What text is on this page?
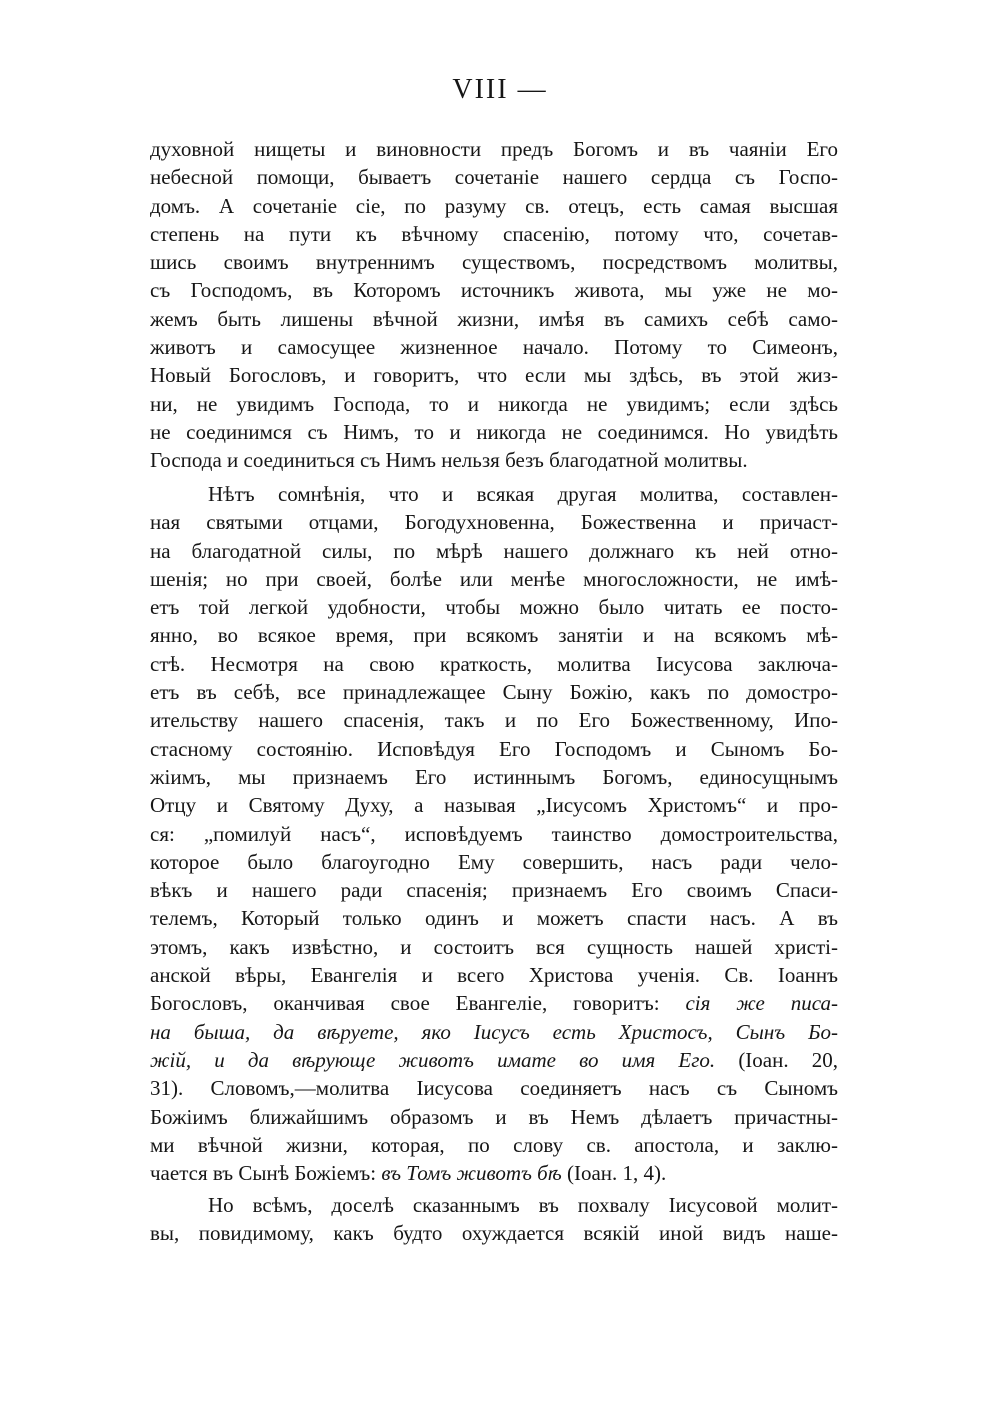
VIII —
духовной нищеты и виновности предъ Богомъ и въ чаянiи Его
небесной помощи, бываетъ сочетанiе нашего сердца съ Госпо-
домъ. А сочетанiе сiе, по разуму св. отецъ, есть самая высшая
степень на пути къ вѣчному спасенiю, потому что, сочетав-
шись своимъ внутреннимъ существомъ, посредствомъ молитвы,
съ Господомъ, въ Которомъ источникъ живота, мы уже не мо-
жемъ быть лишены вѣчной жизни, имѣя въ самихъ себѣ само-
животъ и самосущее жизненное начало. Потому то Симеонъ,
Новый Богословъ, и говоритъ, что если мы здѣсь, въ этой жиз-
ни, не увидимъ Господа, то и никогда не увидимъ; если здѣсь
не соединимся съ Нимъ, то и никогда не соединимся. Но увидѣть
Господа и соединиться съ Нимъ нельзя безъ благодатной молитвы.
Нѣтъ сомнѣнiя, что и всякая другая молитва, составлен-
ная святыми отцами, Богодухновенна, Божественна и причаст-
на благодатной силы, по мѣрѣ нашего должнаго къ ней отно-
шенiя; но при своей, болѣе или менѣе многосложности, не имѣ-
етъ той легкой удобности, чтобы можно было читать ее посто-
янно, во всякое время, при всякомъ занятiи и на всякомъ мѣ-
стѣ. Несмотря на свою краткость, молитва Iисусова заключа-
етъ въ себѣ, все принадлежащее Сыну Божiю, какъ по домостро-
ительству нашего спасенiя, такъ и по Его Божественному, Ипо-
стасному состоянiю. Исповѣдуя Его Господомъ и Сыномъ Бо-
жiимъ, мы признаемъ Его истиннымъ Богомъ, единосущнымъ
Отцу и Святому Духу, а называя „Iисусомъ Христомъ“ и про-
ся: „помилуй насъ“, исповѣдуемъ таинство домостроительства,
которое было благоугодно Ему совершить, насъ ради чело-
вѣкъ и нашего ради спасенiя; признаемъ Его своимъ Спаси-
телемъ, Который только одинъ и можетъ спасти насъ. А въ
этомъ, какъ извѣстно, и состоитъ вся сущность нашей христi-
анской вѣры, Евангелiя и всего Христова ученiя. Св. Iоаннъ
Богословъ, оканчивая свое Евангелiе, говоритъ: сiя же писа-
на быша, да вѣруете, яко Iисусъ есть Христосъ, Сынъ Бо-
жiй, и да вѣрующе животъ имате во имя Его. (Iоан. 20,
31). Словомъ,—молитва Iисусова соединяетъ насъ съ Сыномъ
Божiимъ ближайшимъ образомъ и въ Немъ дѣлаетъ причастны-
ми вѣчной жизни, которая, по слову св. апостола, и заклю-
чается въ Сынѣ Божiемъ: въ Томъ животъ бѣ (Iоан. 1, 4).
Но всѣмъ, доселѣ сказаннымъ въ похвалу Iисусовой молит-
вы, повидимому, какъ будто охуждается всякiй иной видъ наше-
